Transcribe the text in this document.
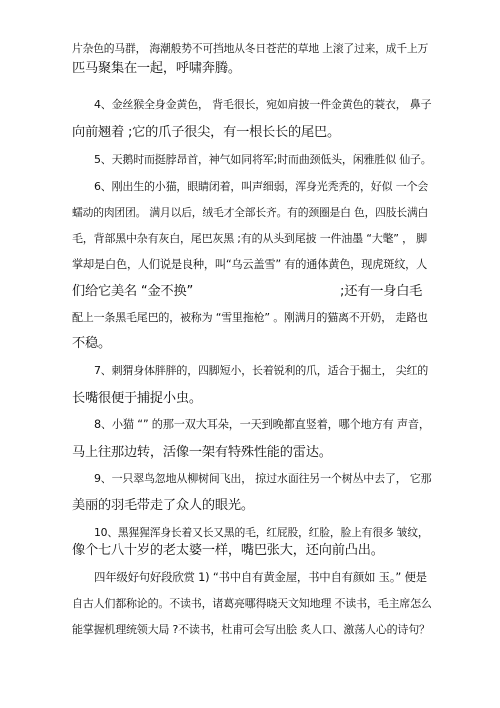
片杂色的马群， 海潮般势不可挡地从冬日苍茫的草地 上滚了过来，成千上万
匹马聚集在一起，呼啸奔腾。
4、金丝猴全身金黄色， 背毛很长，宛如肩披一件金黄色的蓑衣， 鼻子
向前翘着 ;它的爪子很尖，有一根长长的尾巴。
5、天鹅时而挺脖昂首，神气如同将军;时而曲颈低头，闲雅胜似 仙子。
6、刚出生的小猫，眼睛闭着，叫声细弱，浑身光秃秃的，好似 一个会
蠕动的肉团团。 满月以后，绒毛才全部长齐。有的颈圈是白 色，四肢长满白
毛，背部黑中杂有灰白，尾巴灰黑 ;有的从头到尾披 一件油墨 “大氅” ， 脚
掌却是白色，人们说是良种，叫“乌云盖雪” 有的通体黄色，现虎斑纹，人
们给它美名 “金不换”	;还有一身白毛
配上一条黑毛尾巴的，被称为 “雪里拖枪” 。刚满月的猫离不开奶， 走路也
不稳。
7、刺猬身体胖胖的，四脚短小，长着锐利的爪，适合于掘土， 尖红的
长嘴很便于捕捉小虫。
8、小猫 “” 的那一双大耳朵，一天到晚都直竖着，哪个地方有 声音，
马上往那边转，活像一架有特殊性能的雷达。
9、一只翠鸟忽地从柳树间飞出， 掠过水面往另一个树丛中去了， 它那
美丽的羽毛带走了众人的眼光。
10、黑猩猩浑身长着又长又黑的毛，红屁股，红脸，脸上有很多 皱纹，
像个七八十岁的老太婆一样，嘴巴张大，还向前凸出。
四年级好句好段欣赏 1) “书中自有黄金屋，书中自有颜如 玉。” 便是
自古人们都称论的。不读书，诸葛亮哪得晓天文知地理 不读书，毛主席怎么
能掌握机理统领大局 ?不读书，杜甫可会写出脍 炙人口、激荡人心的诗句？
